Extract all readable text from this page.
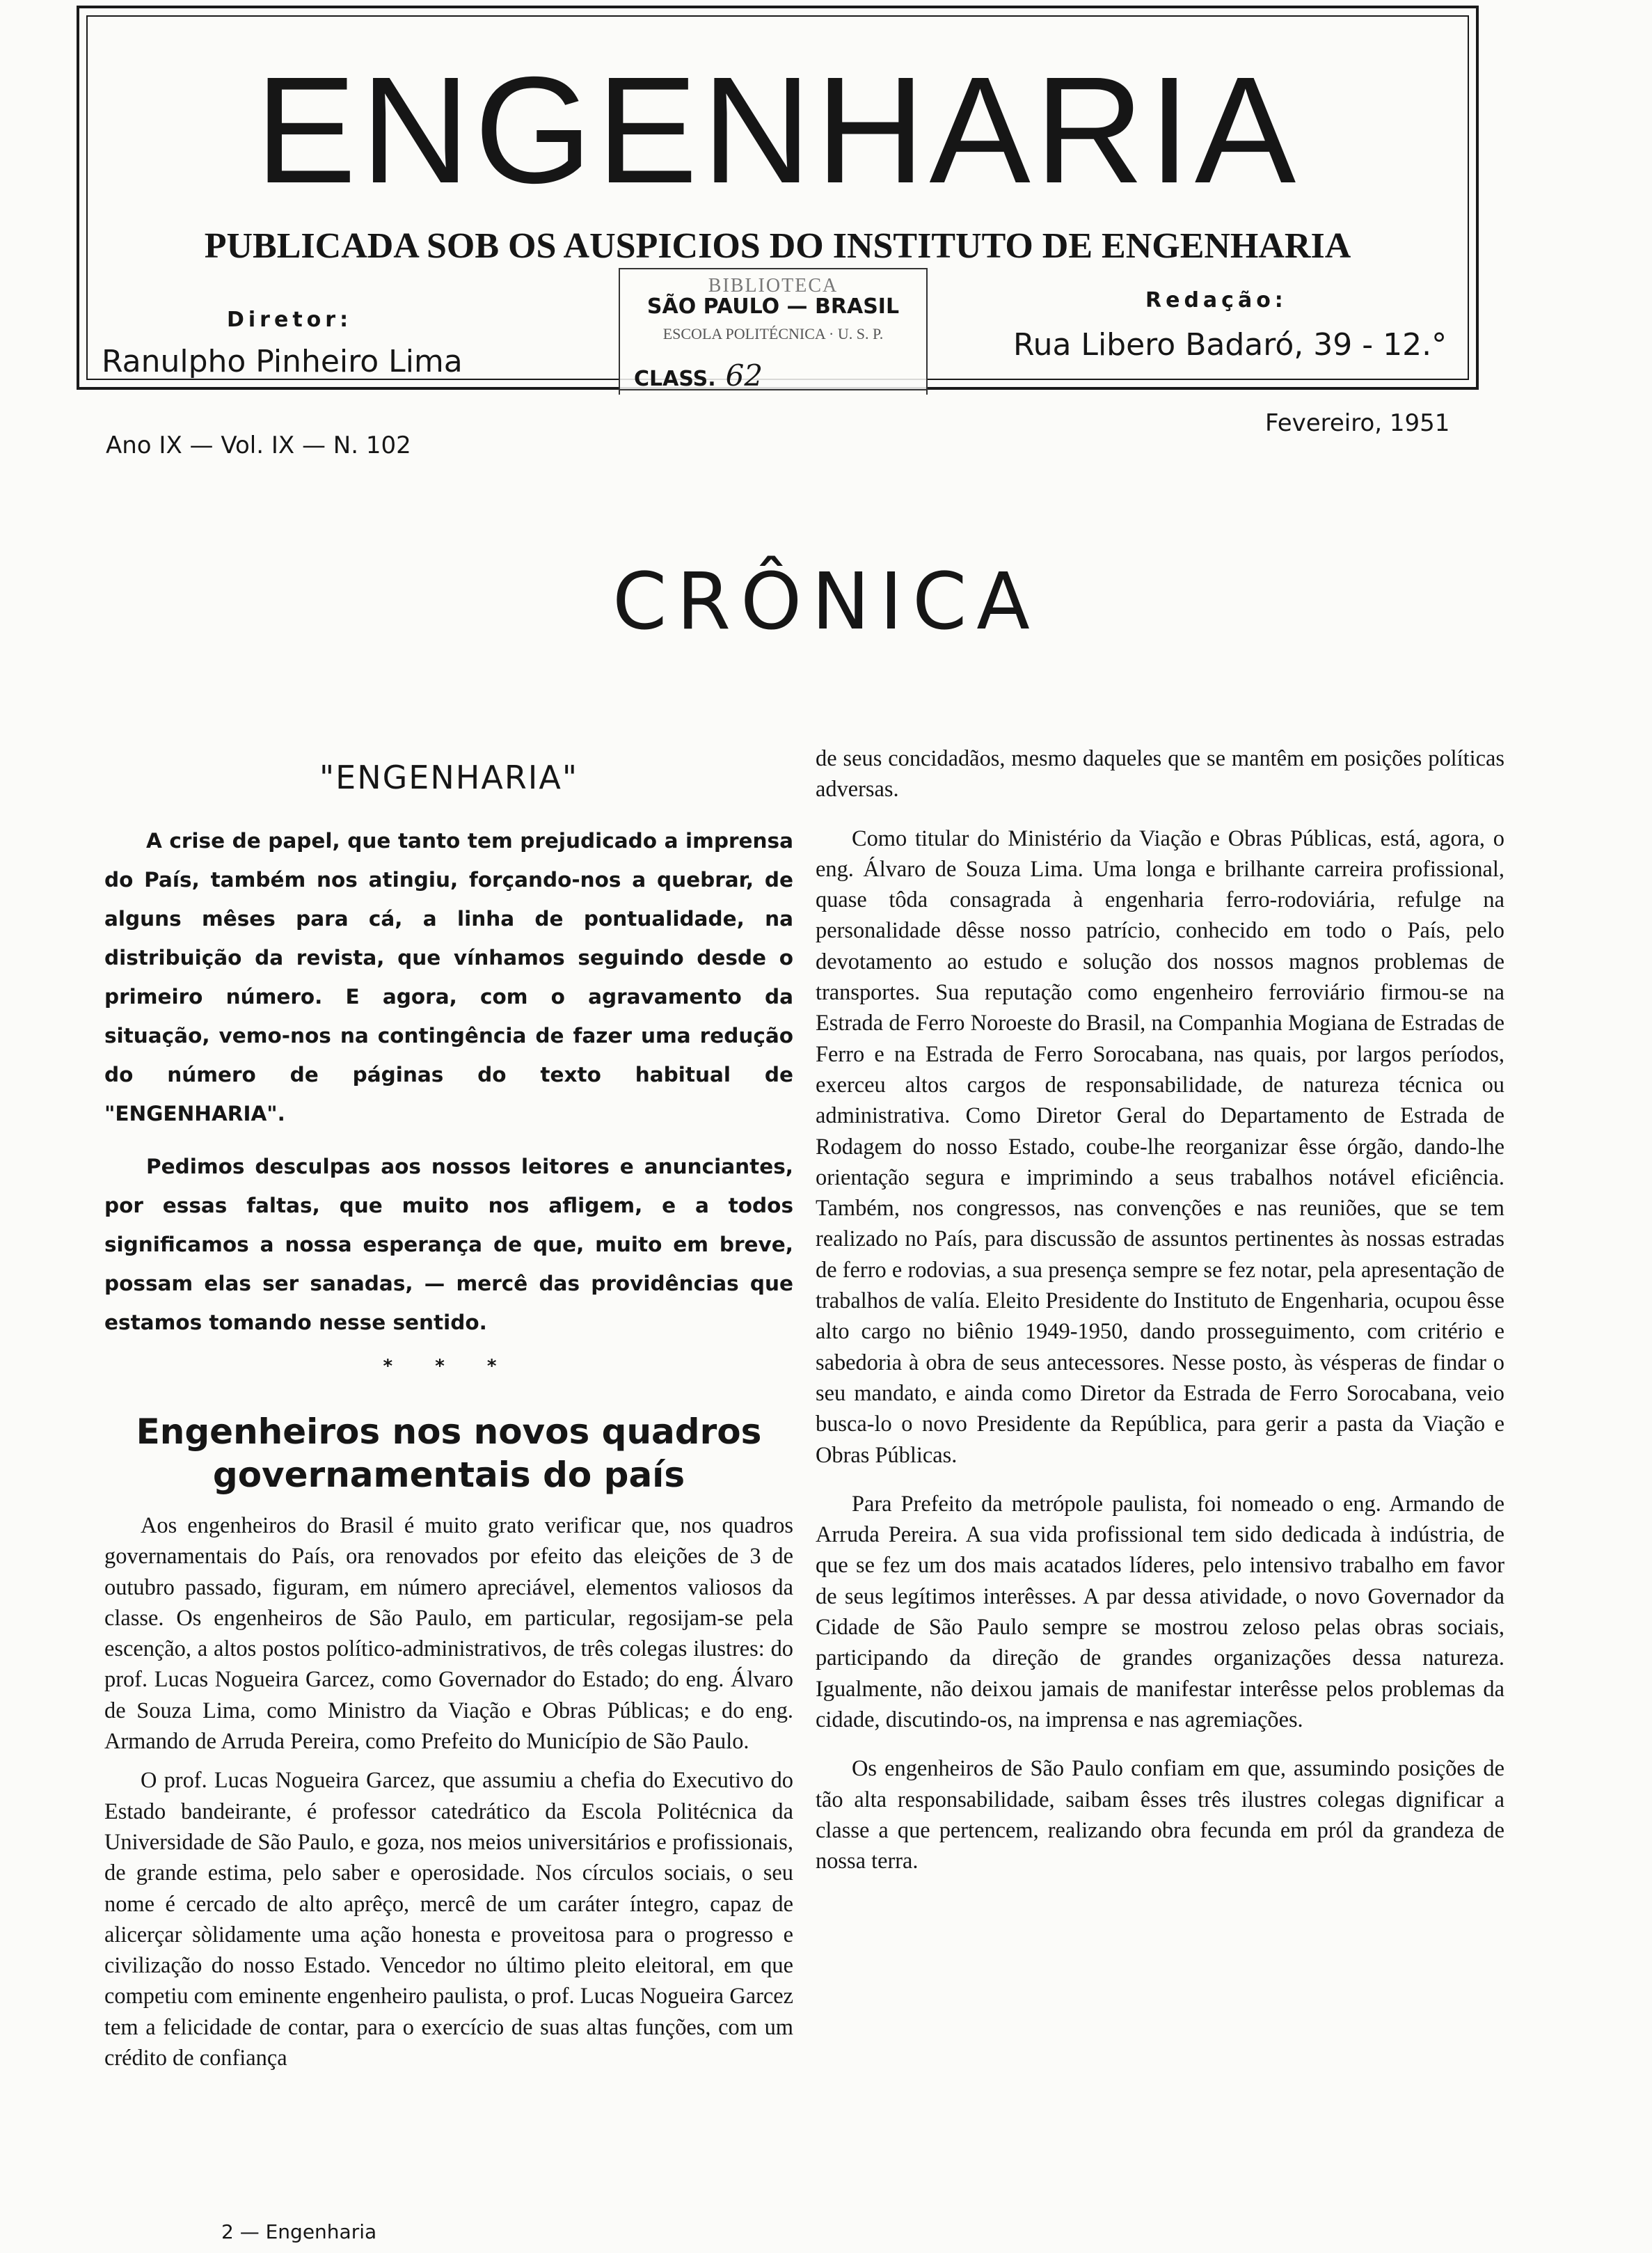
ENGENHARIA
PUBLICADA SOB OS AUSPICIOS DO INSTITUTO DE ENGENHARIA
Diretor:
Ranulpho Pinheiro Lima
Redação:
Rua Libero Badaró, 39 - 12.°
BIBLIOTECA
SÃO PAULO — BRASIL
ESCOLA POLITÉCNICA · U. S. P.
CLASS. 62
Ano IX — Vol. IX — N. 102
Fevereiro, 1951
CRÔNICA
"ENGENHARIA"

A crise de papel, que tanto tem prejudicado a imprensa do País, também nos atingiu, forçando-nos a quebrar, de alguns mêses para cá, a linha de pontualidade, na distribuição da revista, que vínhamos seguindo desde o primeiro número. E agora, com o agravamento da situação, vemo-nos na contingência de fazer uma redução do número de páginas do texto habitual de "ENGENHARIA".

Pedimos desculpas aos nossos leitores e anunciantes, por essas faltas, que muito nos afligem, e a todos significamos a nossa esperança de que, muito em breve, possam elas ser sanadas, — mercê das providências que estamos tomando nesse sentido.

* * *
Engenheiros nos novos quadros governamentais do país

Aos engenheiros do Brasil é muito grato verificar que, nos quadros governamentais do País, ora renovados por efeito das eleições de 3 de outubro passado, figuram, em número apreciável, elementos valiosos da classe. Os engenheiros de São Paulo, em particular, regosijam-se pela escenção, a altos postos político-administrativos, de três colegas ilustres: do prof. Lucas Nogueira Garcez, como Governador do Estado; do eng. Álvaro de Souza Lima, como Ministro da Viação e Obras Públicas; e do eng. Armando de Arruda Pereira, como Prefeito do Município de São Paulo.

O prof. Lucas Nogueira Garcez, que assumiu a chefia do Executivo do Estado bandeirante, é professor catedrático da Escola Politécnica da Universidade de São Paulo, e goza, nos meios universitários e profissionais, de grande estima, pelo saber e operosidade. Nos círculos sociais, o seu nome é cercado de alto aprêço, mercê de um caráter íntegro, capaz de alicerçar sòlidamente uma ação honesta e proveitosa para o progresso e civilização do nosso Estado. Vencedor no último pleito eleitoral, em que competiu com eminente engenheiro paulista, o prof. Lucas Nogueira Garcez tem a felicidade de contar, para o exercício de suas altas funções, com um crédito de confiança

de seus concidadãos, mesmo daqueles que se mantêm em posições políticas adversas.

Como titular do Ministério da Viação e Obras Públicas, está, agora, o eng. Álvaro de Souza Lima. Uma longa e brilhante carreira profissional, quase tôda consagrada à engenharia ferro-rodoviária, refulge na personalidade dêsse nosso patrício, conhecido em todo o País, pelo devotamento ao estudo e solução dos nossos magnos problemas de transportes. Sua reputação como engenheiro ferroviário firmou-se na Estrada de Ferro Noroeste do Brasil, na Companhia Mogiana de Estradas de Ferro e na Estrada de Ferro Sorocabana, nas quais, por largos períodos, exerceu altos cargos de responsabilidade, de natureza técnica ou administrativa. Como Diretor Geral do Departamento de Estrada de Rodagem do nosso Estado, coube-lhe reorganizar êsse órgão, dando-lhe orientação segura e imprimindo a seus trabalhos notável eficiência. Também, nos congressos, nas convenções e nas reuniões, que se tem realizado no País, para discussão de assuntos pertinentes às nossas estradas de ferro e rodovias, a sua presença sempre se fez notar, pela apresentação de trabalhos de valía. Eleito Presidente do Instituto de Engenharia, ocupou êsse alto cargo no biênio 1949-1950, dando prosseguimento, com critério e sabedoria à obra de seus antecessores. Nesse posto, às vésperas de findar o seu mandato, e ainda como Diretor da Estrada de Ferro Sorocabana, veio busca-lo o novo Presidente da República, para gerir a pasta da Viação e Obras Públicas.

Para Prefeito da metrópole paulista, foi nomeado o eng. Armando de Arruda Pereira. A sua vida profissional tem sido dedicada à indústria, de que se fez um dos mais acatados líderes, pelo intensivo trabalho em favor de seus legítimos interêsses. A par dessa atividade, o novo Governador da Cidade de São Paulo sempre se mostrou zeloso pelas obras sociais, participando da direção de grandes organizações dessa natureza. Igualmente, não deixou jamais de manifestar interêsse pelos problemas da cidade, discutindo-os, na imprensa e nas agremiações.

Os engenheiros de São Paulo confiam em que, assumindo posições de tão alta responsabilidade, saibam êsses três ilustres colegas dignificar a classe a que pertencem, realizando obra fecunda em pról da grandeza de nossa terra.

2 — Engenharia
